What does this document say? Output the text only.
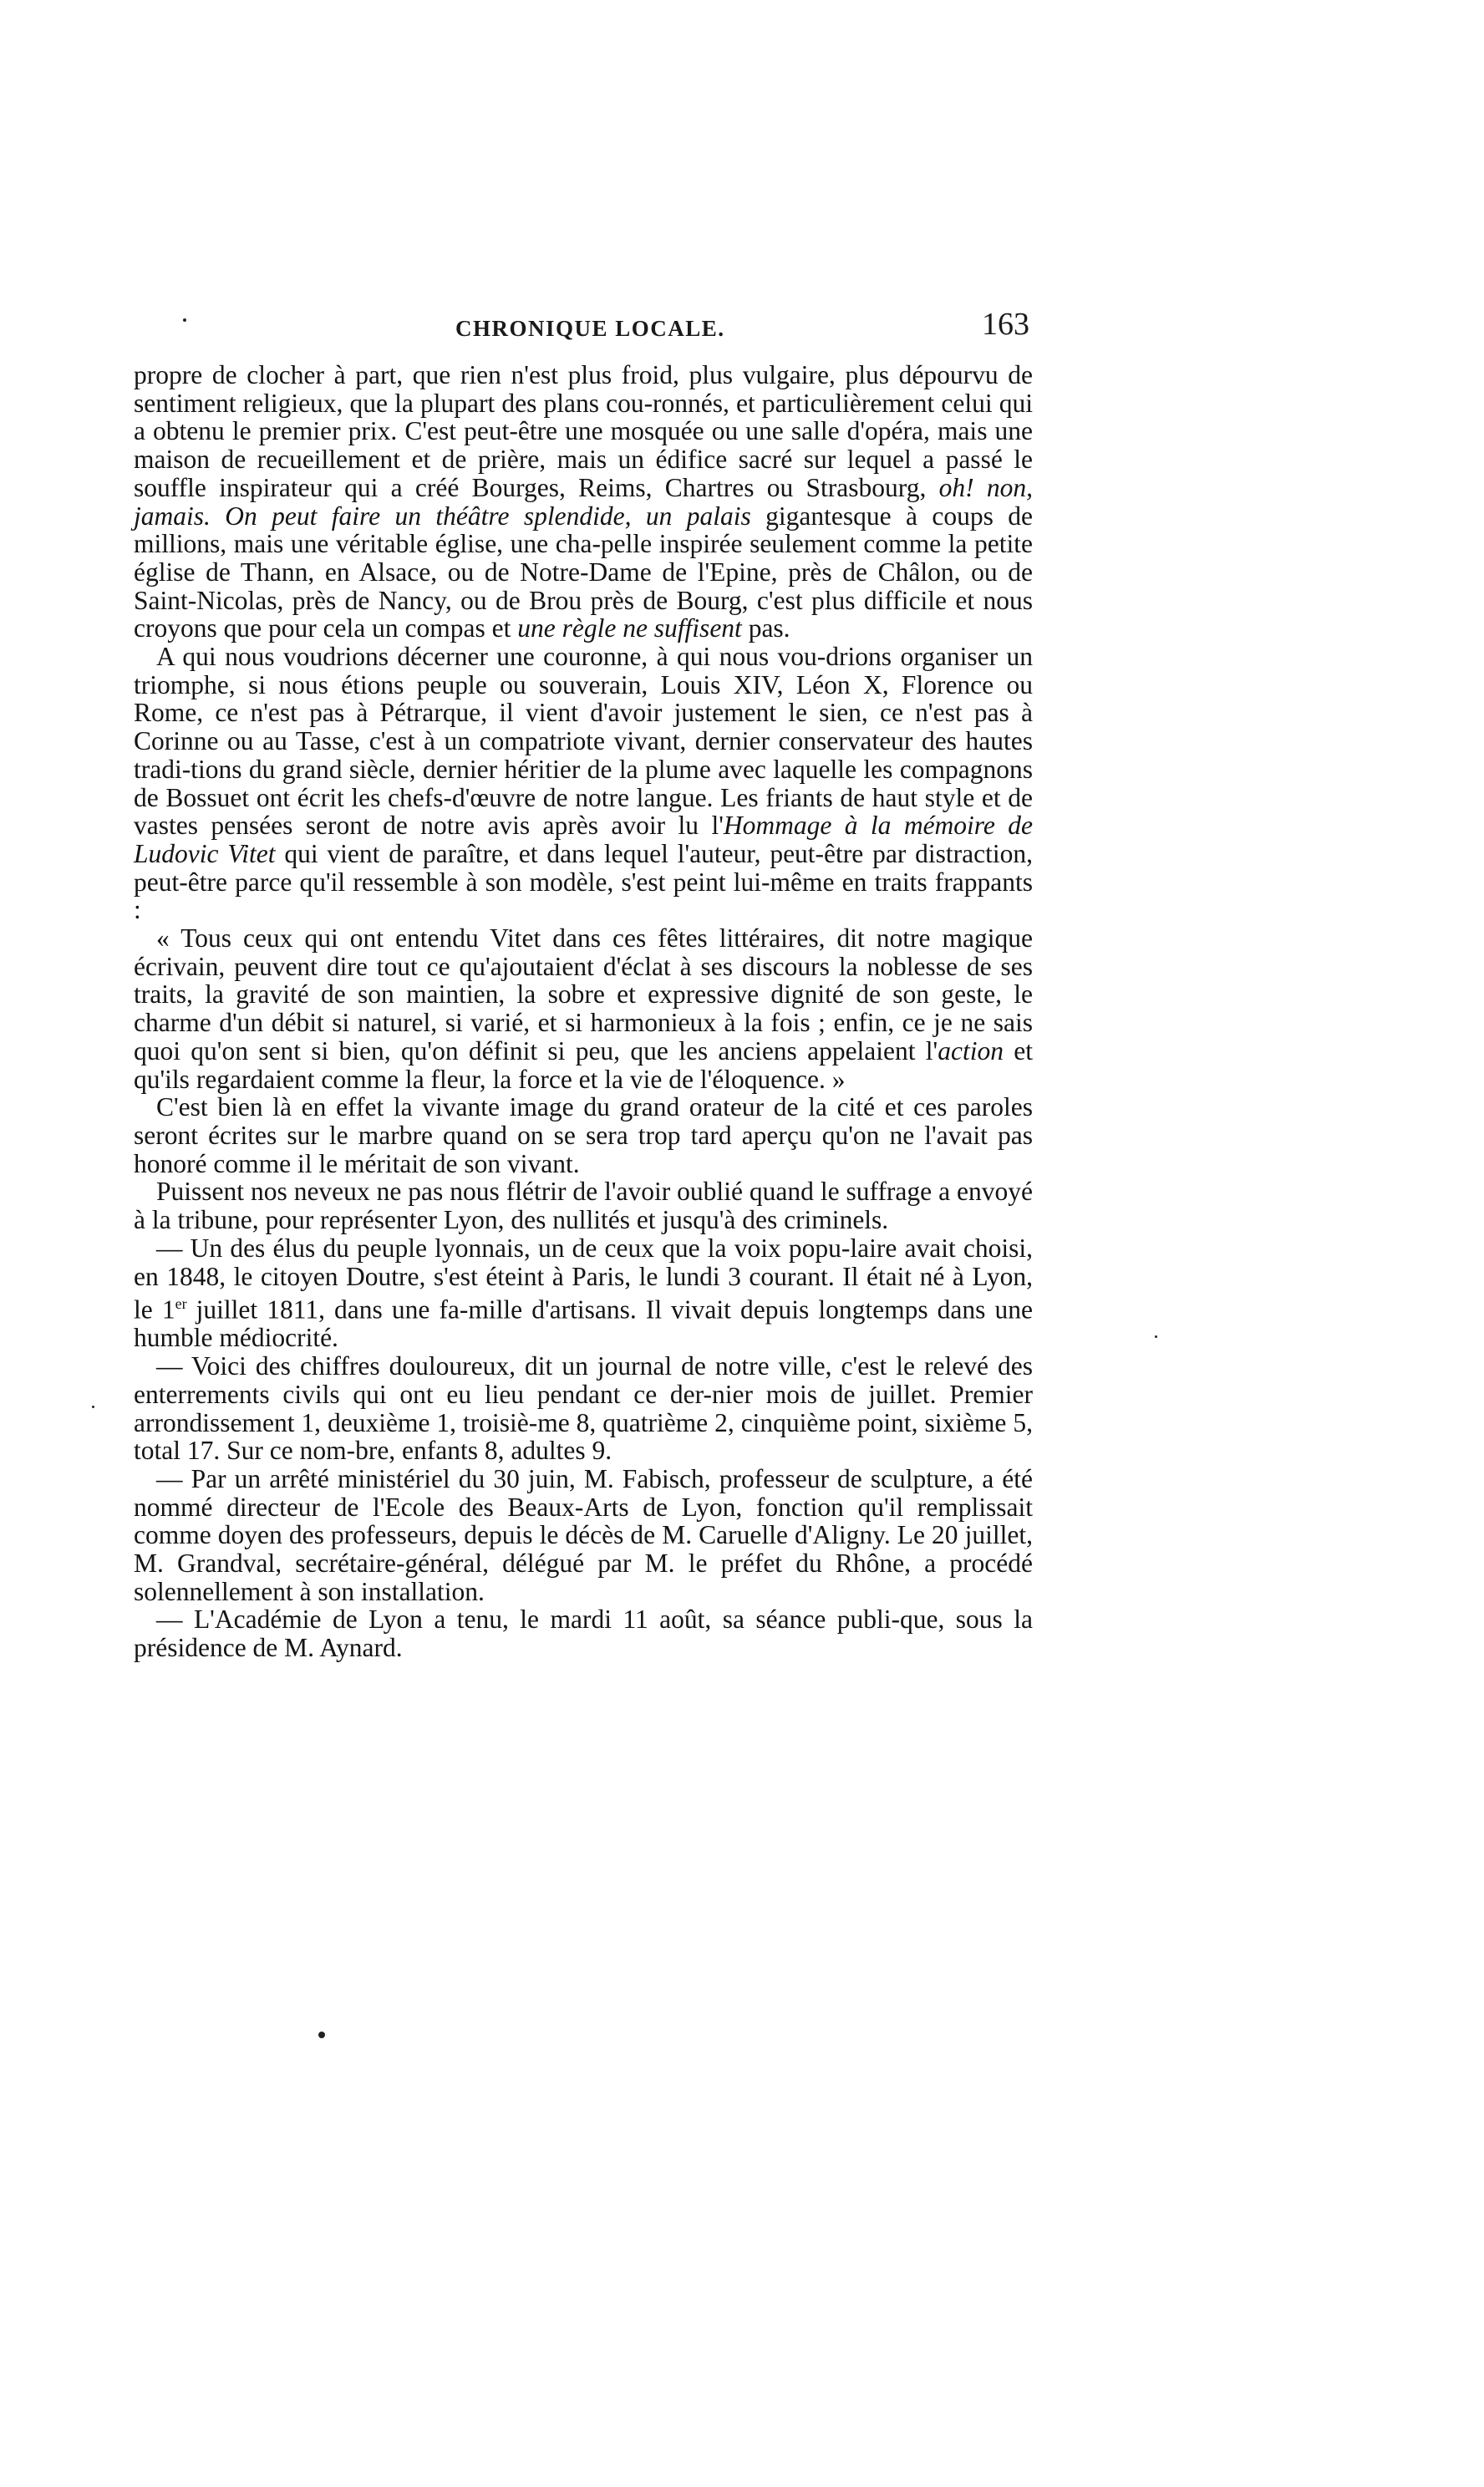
CHRONIQUE LOCALE.	163

propre de clocher à part, que rien n'est plus froid, plus vulgaire, plus dépourvu de sentiment religieux, que la plupart des plans cou-ronnés, et particulièrement celui qui a obtenu le premier prix. C'est peut-être une mosquée ou une salle d'opéra, mais une maison de recueillement et de prière, mais un édifice sacré sur lequel a passé le souffle inspirateur qui a créé Bourges, Reims, Chartres ou Strasbourg, oh! non, jamais. On peut faire un théâtre splendide, un palais gigantesque à coups de millions, mais une véritable église, une cha-pelle inspirée seulement comme la petite église de Thann, en Alsace, ou de Notre-Dame de l'Epine, près de Châlon, ou de Saint-Nicolas, près de Nancy, ou de Brou près de Bourg, c'est plus difficile et nous croyons que pour cela un compas et une règle ne suffisent pas.

A qui nous voudrions décerner une couronne, à qui nous vou-drions organiser un triomphe, si nous étions peuple ou souverain, Louis XIV, Léon X, Florence ou Rome, ce n'est pas à Pétrarque, il vient d'avoir justement le sien, ce n'est pas à Corinne ou au Tasse, c'est à un compatriote vivant, dernier conservateur des hautes tradi-tions du grand siècle, dernier héritier de la plume avec laquelle les compagnons de Bossuet ont écrit les chefs-d'œuvre de notre langue. Les friants de haut style et de vastes pensées seront de notre avis après avoir lu l'Hommage à la mémoire de Ludovic Vitet qui vient de paraître, et dans lequel l'auteur, peut-être par distraction, peut-être parce qu'il ressemble à son modèle, s'est peint lui-même en traits frappants :

« Tous ceux qui ont entendu Vitet dans ces fêtes littéraires, dit notre magique écrivain, peuvent dire tout ce qu'ajoutaient d'éclat à ses discours la noblesse de ses traits, la gravité de son maintien, la sobre et expressive dignité de son geste, le charme d'un débit si naturel, si varié, et si harmonieux à la fois ; enfin, ce je ne sais quoi qu'on sent si bien, qu'on définit si peu, que les anciens appelaient l'action et qu'ils regardaient comme la fleur, la force et la vie de l'éloquence. »

C'est bien là en effet la vivante image du grand orateur de la cité et ces paroles seront écrites sur le marbre quand on se sera trop tard aperçu qu'on ne l'avait pas honoré comme il le méritait de son vivant.

Puissent nos neveux ne pas nous flétrir de l'avoir oublié quand le suffrage a envoyé à la tribune, pour représenter Lyon, des nullités et jusqu'à des criminels.

— Un des élus du peuple lyonnais, un de ceux que la voix popu-laire avait choisi, en 1848, le citoyen Doutre, s'est éteint à Paris, le lundi 3 courant. Il était né à Lyon, le 1er juillet 1811, dans une fa-mille d'artisans. Il vivait depuis longtemps dans une humble médiocrité.

— Voici des chiffres douloureux, dit un journal de notre ville, c'est le relevé des enterrements civils qui ont eu lieu pendant ce der-nier mois de juillet. Premier arrondissement 1, deuxième 1, troisiè-me 8, quatrième 2, cinquième point, sixième 5, total 17. Sur ce nom-bre, enfants 8, adultes 9.

— Par un arrêté ministériel du 30 juin, M. Fabisch, professeur de sculpture, a été nommé directeur de l'Ecole des Beaux-Arts de Lyon, fonction qu'il remplissait comme doyen des professeurs, depuis le décès de M. Caruelle d'Aligny. Le 20 juillet, M. Grandval, secrétaire-général, délégué par M. le préfet du Rhône, a procédé solennellement à son installation.

— L'Académie de Lyon a tenu, le mardi 11 août, sa séance publi-que, sous la présidence de M. Aynard.
